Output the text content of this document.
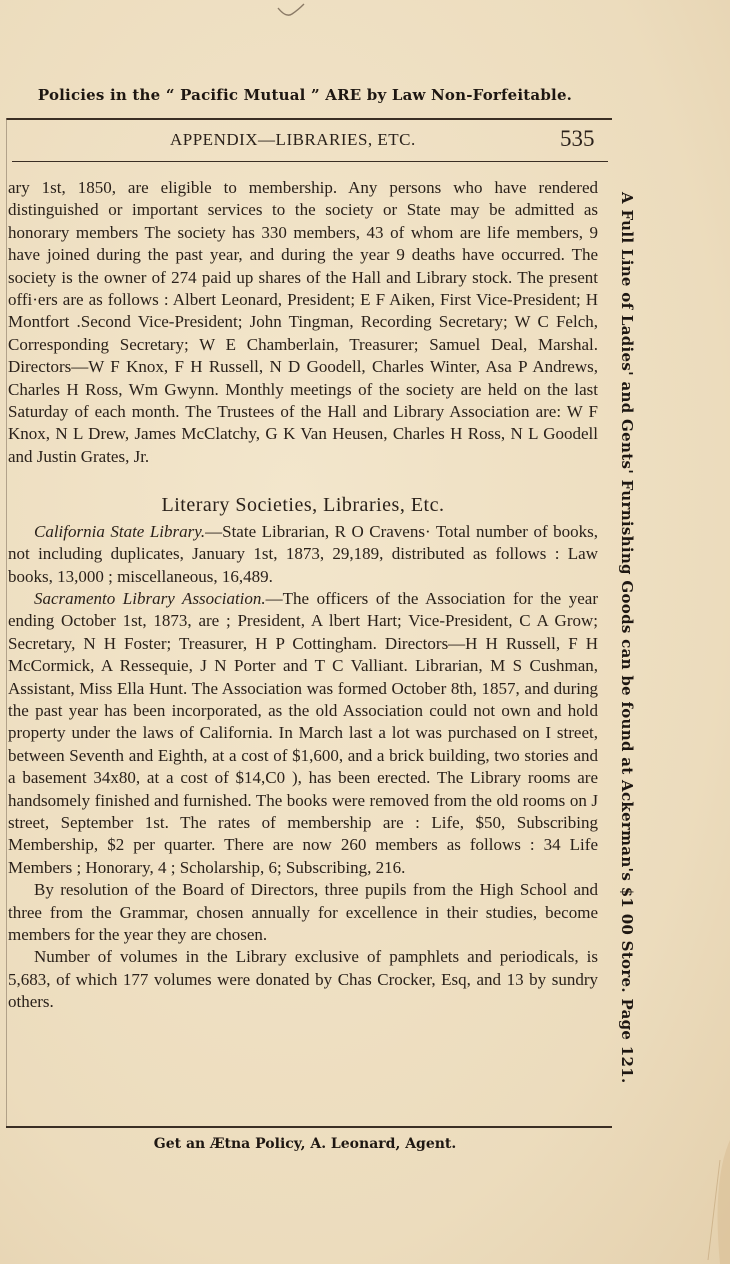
Policies in the “ Pacific Mutual ” ARE by Law Non-Forfeitable.
APPENDIX—LIBRARIES, ETC.	535

ary 1st, 1850, are eligible to membership. Any persons who have rendered distinguished or important services to the society or State may be admitted as honorary members The society has 330 members, 43 of whom are life members, 9 have joined during the past year, and during the year 9 deaths have occurred. The society is the owner of 274 paid up shares of the Hall and Library stock. The present offi·ers are as follows : Albert Leonard, President; E F Aiken, First Vice-President; H Montfort .Second Vice-President; John Tingman, Recording Secretary; W C Felch, Corresponding Secretary; W E Chamberlain, Treasurer; Samuel Deal, Marshal. Directors—W F Knox, F H Russell, N D Goodell, Charles Winter, Asa P Andrews, Charles H Ross, Wm Gwynn. Monthly meetings of the society are held on the last Saturday of each month. The Trustees of the Hall and Library Association are: W F Knox, N L Drew, James McClatchy, G K Van Heusen, Charles H Ross, N L Goodell and Justin Grates, Jr.

Literary Societies, Libraries, Etc.

California State Library.—State Librarian, R O Cravens· Total number of books, not including duplicates, January 1st, 1873, 29,189, distributed as follows : Law books, 13,000 ; miscellaneous, 16,489.

Sacramento Library Association.—The officers of the Association for the year ending October 1st, 1873, are ; President, A lbert Hart; Vice-President, C A Grow; Secretary, N H Foster; Treasurer, H P Cottingham. Directors—H H Russell, F H McCormick, A Ressequie, J N Porter and T C Valliant. Librarian, M S Cushman, Assistant, Miss Ella Hunt. The Association was formed October 8th, 1857, and during the past year has been incorporated, as the old Association could not own and hold property under the laws of California. In March last a lot was purchased on I street, between Seventh and Eighth, at a cost of $1,600, and a brick building, two stories and a basement 34x80, at a cost of $14,C0 ), has been erected. The Library rooms are handsomely finished and furnished. The books were removed from the old rooms on J street, September 1st. The rates of membership are : Life, $50, Subscribing Membership, $2 per quarter. There are now 260 members as follows : 34 Life Members ; Honorary, 4 ; Scholarship, 6; Subscribing, 216.

By resolution of the Board of Directors, three pupils from the High School and three from the Grammar, chosen annually for excellence in their studies, become members for the year they are chosen.

Number of volumes in the Library exclusive of pamphlets and periodicals, is 5,683, of which 177 volumes were donated by Chas Crocker, Esq, and 13 by sundry others.

Get an Ætna Policy, A. Leonard, Agent.
A Full Line of Ladies' and Gents' Furnishing Goods can be found at Ackerman's $1 00 Store. Page 121.
